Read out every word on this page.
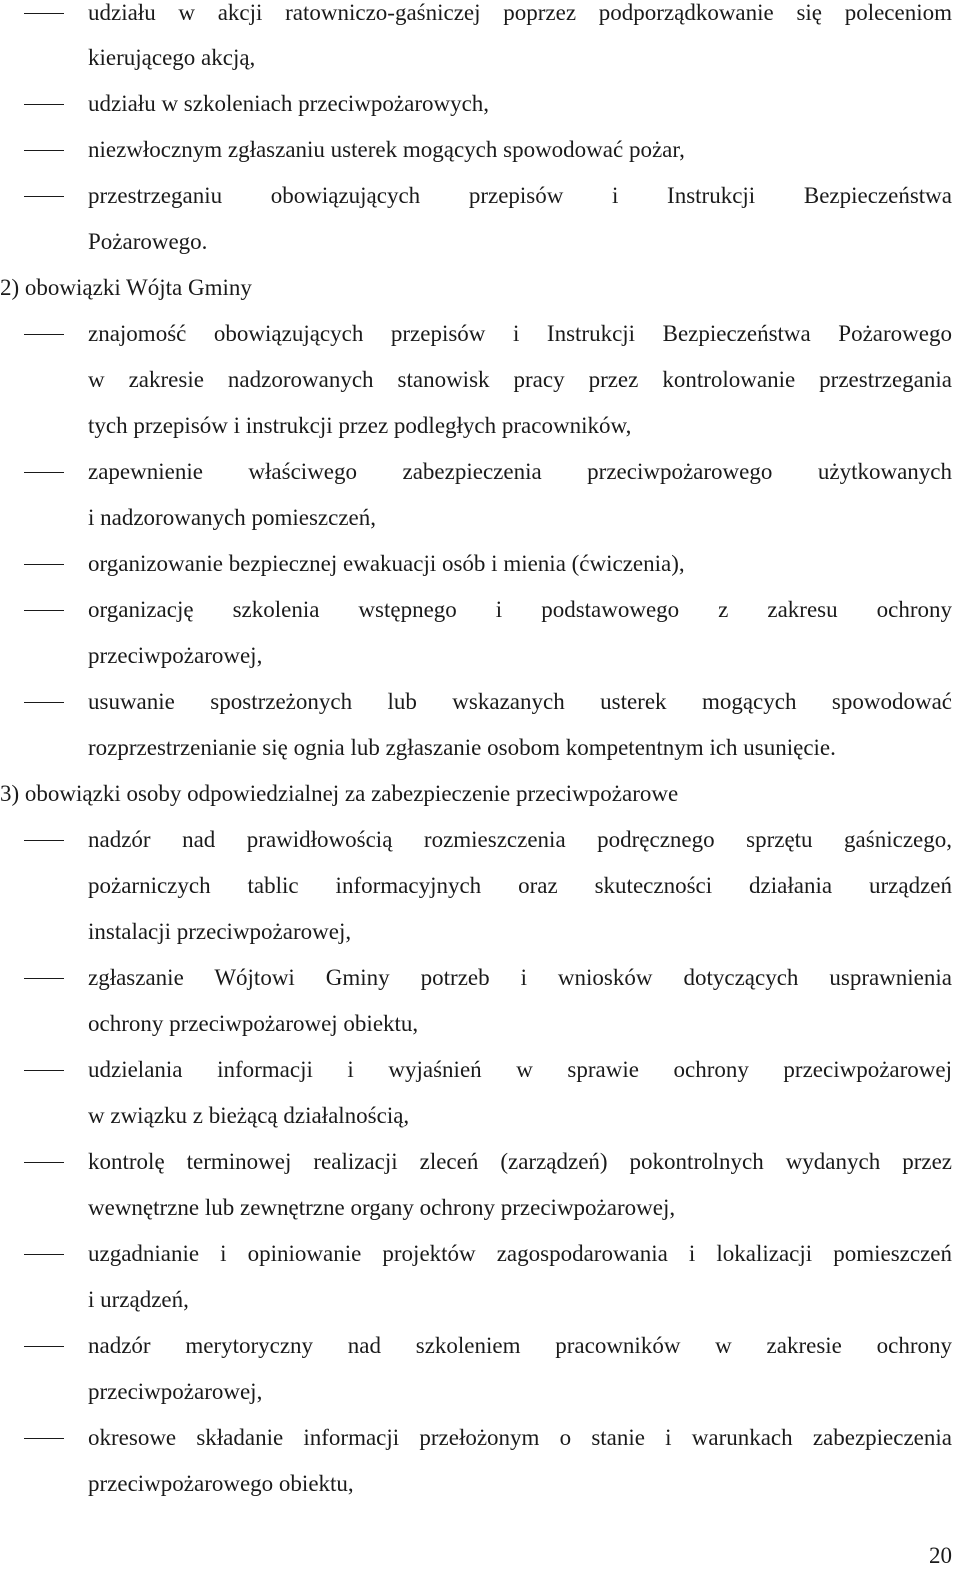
udziału w akcji ratowniczo-gaśniczej poprzez podporządkowanie się poleceniom
kierującego akcją,
udziału w szkoleniach przeciwpożarowych,
niezwłocznym zgłaszaniu usterek mogących spowodować pożar,
przestrzeganiu obowiązujących przepisów i Instrukcji Bezpieczeństwa
Pożarowego.
2) obowiązki Wójta Gminy
znajomość obowiązujących przepisów i Instrukcji Bezpieczeństwa Pożarowego
w zakresie nadzorowanych stanowisk pracy przez kontrolowanie przestrzegania
tych przepisów i instrukcji przez podległych pracowników,
zapewnienie właściwego zabezpieczenia przeciwpożarowego użytkowanych
i nadzorowanych pomieszczeń,
organizowanie bezpiecznej ewakuacji osób i mienia (ćwiczenia),
organizację szkolenia wstępnego i podstawowego z zakresu ochrony
przeciwpożarowej,
usuwanie spostrzeżonych lub wskazanych usterek mogących spowodować
rozprzestrzenianie się ognia lub zgłaszanie osobom kompetentnym ich usunięcie.
3) obowiązki osoby odpowiedzialnej za zabezpieczenie przeciwpożarowe
nadzór nad prawidłowością rozmieszczenia podręcznego sprzętu gaśniczego,
pożarniczych tablic informacyjnych oraz skuteczności działania urządzeń
instalacji przeciwpożarowej,
zgłaszanie Wójtowi Gminy potrzeb i wniosków dotyczących usprawnienia
ochrony przeciwpożarowej obiektu,
udzielania informacji i wyjaśnień w sprawie ochrony przeciwpożarowej
w związku z bieżącą działalnością,
kontrolę terminowej realizacji zleceń (zarządzeń) pokontrolnych wydanych przez
wewnętrzne lub zewnętrzne organy ochrony przeciwpożarowej,
uzgadnianie i opiniowanie projektów zagospodarowania i lokalizacji pomieszczeń
i urządzeń,
nadzór merytoryczny nad szkoleniem pracowników w zakresie ochrony
przeciwpożarowej,
okresowe składanie informacji przełożonym o stanie i warunkach zabezpieczenia
przeciwpożarowego obiektu,
20
